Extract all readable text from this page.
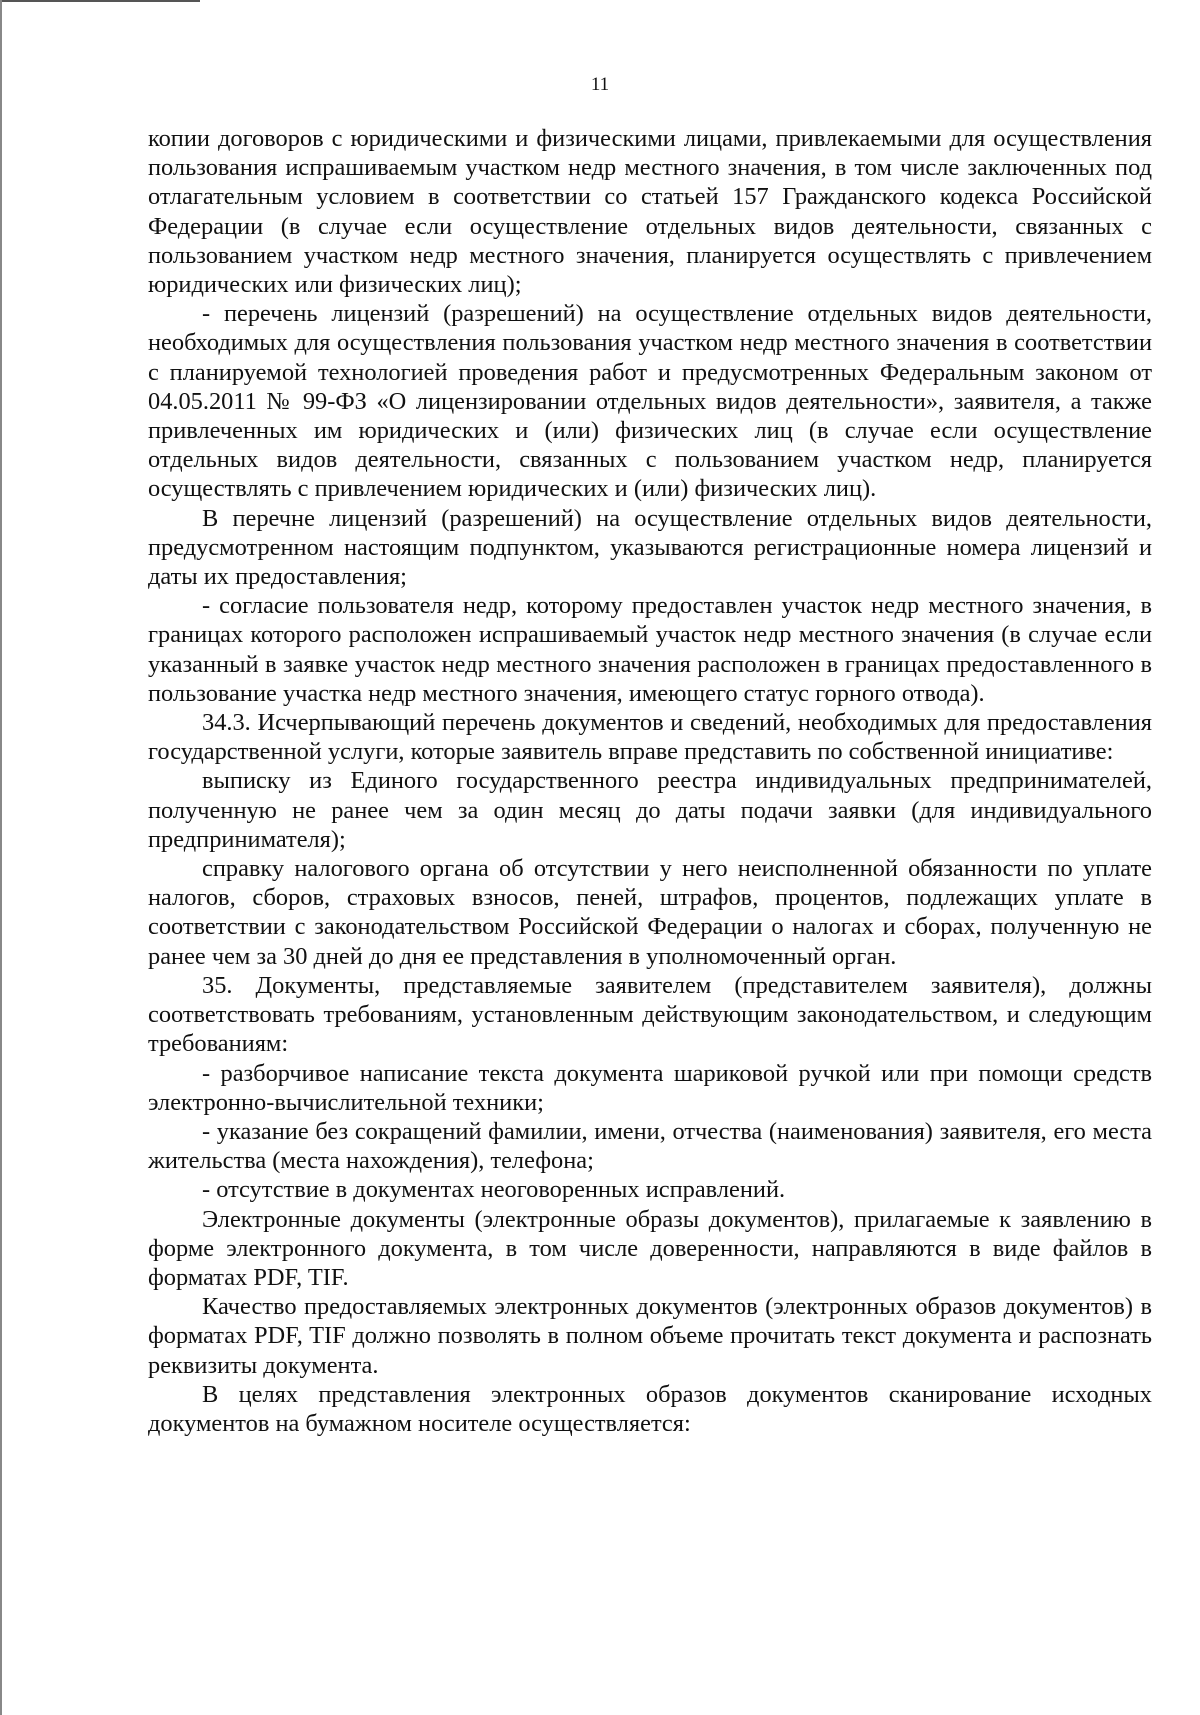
11

копии договоров с юридическими и физическими лицами, привлекаемыми для осуществления пользования испрашиваемым участком недр местного значения, в том числе заключенных под отлагательным условием в соответствии со статьей 157 Гражданского кодекса Российской Федерации (в случае если осуществление отдельных видов деятельности, связанных с пользованием участком недр местного значения, планируется осуществлять с привлечением юридических или физических лиц);

- перечень лицензий (разрешений) на осуществление отдельных видов деятельности, необходимых для осуществления пользования участком недр местного значения в соответствии с планируемой технологией проведения работ и предусмотренных Федеральным законом от 04.05.2011 № 99-ФЗ «О лицензировании отдельных видов деятельности», заявителя, а также привлеченных им юридических и (или) физических лиц (в случае если осуществление отдельных видов деятельности, связанных с пользованием участком недр, планируется осуществлять с привлечением юридических и (или) физических лиц).

В перечне лицензий (разрешений) на осуществление отдельных видов деятельности, предусмотренном настоящим подпунктом, указываются регистрационные номера лицензий и даты их предоставления;

- согласие пользователя недр, которому предоставлен участок недр местного значения, в границах которого расположен испрашиваемый участок недр местного значения (в случае если указанный в заявке участок недр местного значения расположен в границах предоставленного в пользование участка недр местного значения, имеющего статус горного отвода).

34.3. Исчерпывающий перечень документов и сведений, необходимых для предоставления государственной услуги, которые заявитель вправе представить по собственной инициативе:

выписку из Единого государственного реестра индивидуальных предпринимателей, полученную не ранее чем за один месяц до даты подачи заявки (для индивидуального предпринимателя);

справку налогового органа об отсутствии у него неисполненной обязанности по уплате налогов, сборов, страховых взносов, пеней, штрафов, процентов, подлежащих уплате в соответствии с законодательством Российской Федерации о налогах и сборах, полученную не ранее чем за 30 дней до дня ее представления в уполномоченный орган.

35. Документы, представляемые заявителем (представителем заявителя), должны соответствовать требованиям, установленным действующим законодательством, и следующим требованиям:

- разборчивое написание текста документа шариковой ручкой или при помощи средств электронно-вычислительной техники;

- указание без сокращений фамилии, имени, отчества (наименования) заявителя, его места жительства (места нахождения), телефона;

- отсутствие в документах неоговоренных исправлений.

Электронные документы (электронные образы документов), прилагаемые к заявлению в форме электронного документа, в том числе доверенности, направляются в виде файлов в форматах PDF, TIF.

Качество предоставляемых электронных документов (электронных образов документов) в форматах PDF, TIF должно позволять в полном объеме прочитать текст документа и распознать реквизиты документа.

В целях представления электронных образов документов сканирование исходных документов на бумажном носителе осуществляется:
